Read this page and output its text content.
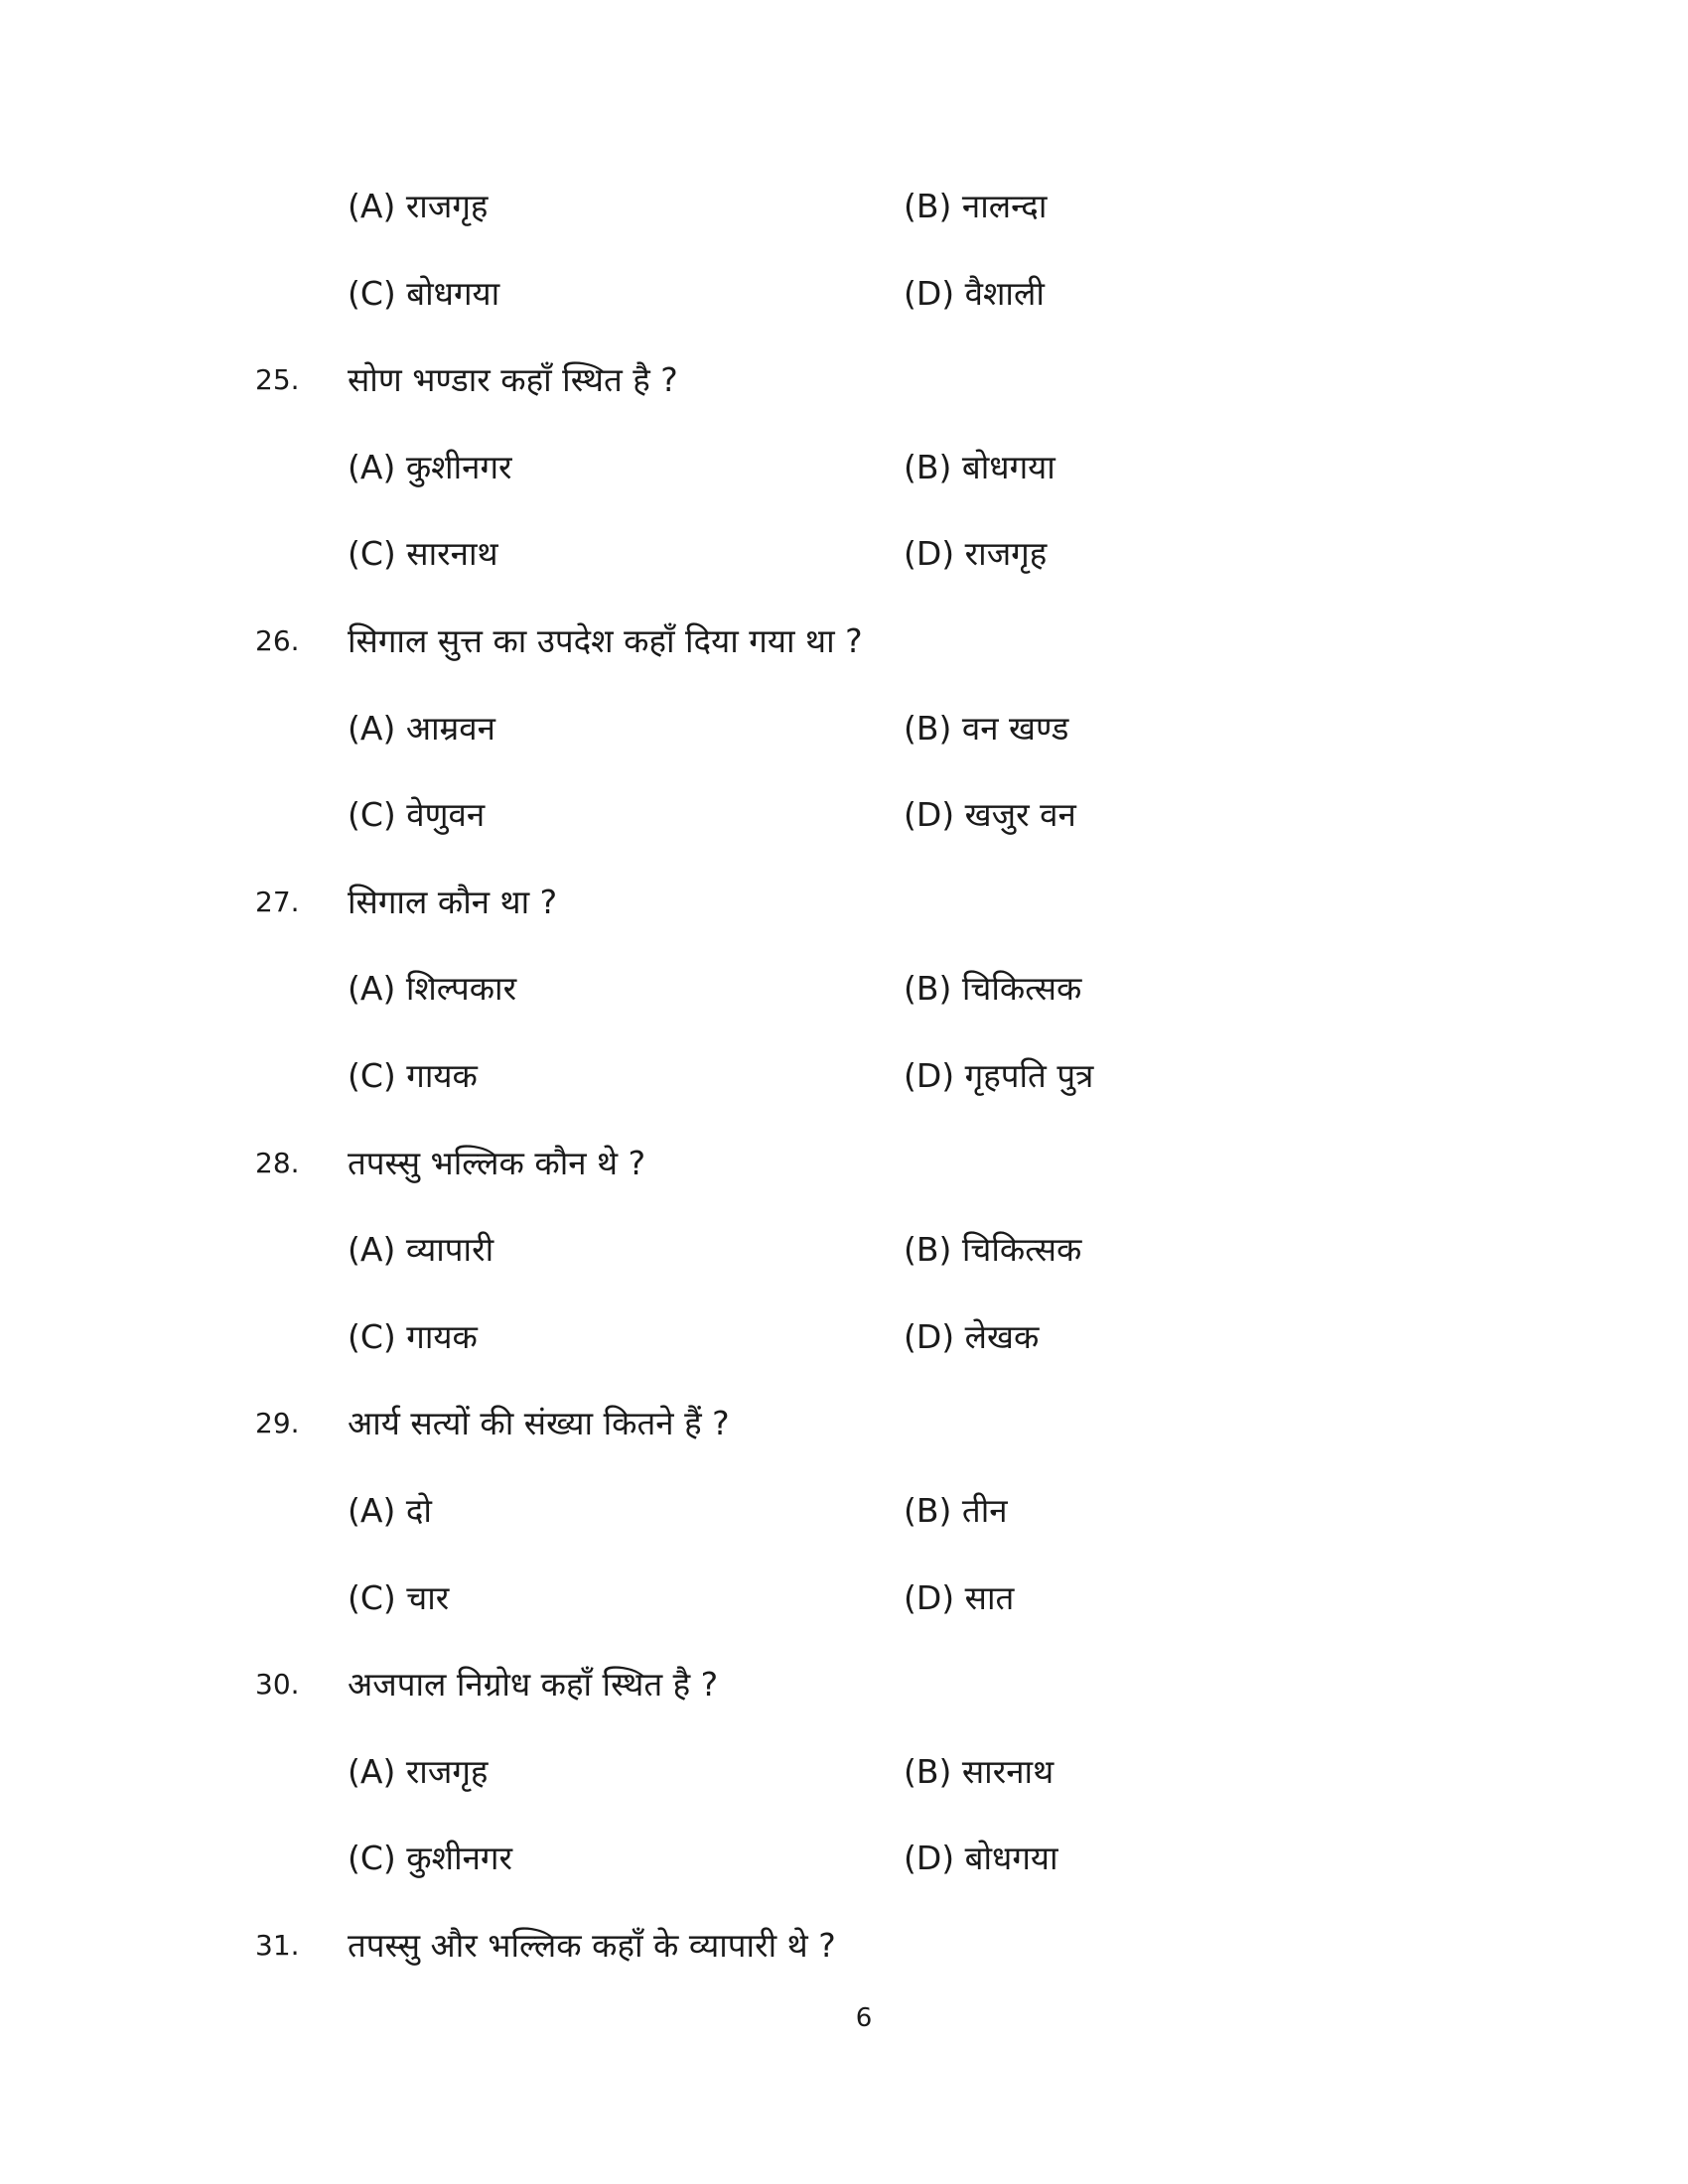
(A) राजगृह	(B) नालन्दा
(C) बोधगया	(D) वैशाली
25. सोण भण्डार कहाँ स्थित है ?
(A) कुशीनगर	(B) बोधगया
(C) सारनाथ	(D) राजगृह
26. सिगाल सुत्त का उपदेश कहाँ दिया गया था ?
(A) आम्रवन	(B) वन खण्ड
(C) वेणुवन	(D) खजुर वन
27. सिगाल कौन था ?
(A) शिल्पकार	(B) चिकित्सक
(C) गायक	(D) गृहपति पुत्र
28. तपस्सु भल्लिक कौन थे ?
(A) व्यापारी	(B) चिकित्सक
(C) गायक	(D) लेखक
29. आर्य सत्यों की संख्या कितने हैं ?
(A) दो	(B) तीन
(C) चार	(D) सात
30. अजपाल निग्रोध कहाँ स्थित है ?
(A) राजगृह	(B) सारनाथ
(C) कुशीनगर	(D) बोधगया
31. तपस्सु और भल्लिक कहाँ के व्यापारी थे ?
6
